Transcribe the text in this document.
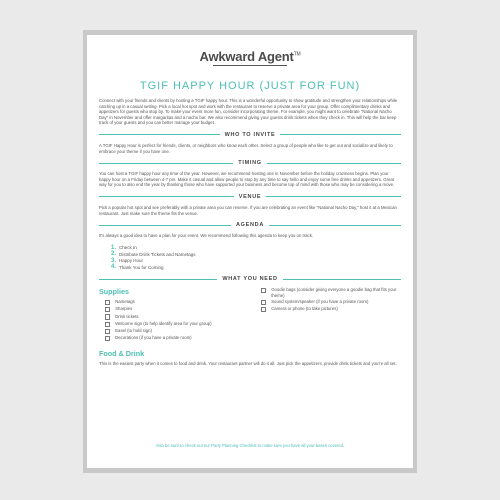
Awkward Agent™
TGIF HAPPY HOUR (JUST FOR FUN)

Connect with your friends and clients by hosting a TGIF happy hour. This is a wonderful opportunity to show gratitude and strengthen your relationships while catching up in a casual setting. Pick a local hot spot and work with the restaurant to reserve a private area for your group. Offer complimentary drinks and appetizers for guests who stop by. To make your event more fun, consider incorporating theme. For example, you might want to celebrate "National Nacho Day" in November and offer margaritas and a nacho bar. We also recommend giving your guests drink tickets when they check in. This will help the bar keep track of your guests and you can better manage your budget.

WHO TO INVITE

A TGIF Happy Hour is perfect for friends, clients, or neighbors who know each other. Select a group of people who like to get out and socialize and likely to embrace your theme if you have one.

TIMING

You can host a TGIF happy hour any time of the year. However, we recommend hosting one in November before the holiday craziness begins. Plan your happy hour on a Friday between 4-7 pm. Make it casual and allow people to stop by any time to say hello and enjoy some free drinks and appetizers. Great way for you to also end the year by thanking those who have supported your business and become top of mind with those who may be considering a move.

VENUE

Pick a popular hot spot and see preferably with a private area you can reserve. If you are celebrating an event like "National Nacho Day," host it at a Mexican restaurant. Just make sure the theme fits the venue.

AGENDA

It's always a good idea to have a plan for your event. We recommend following this agenda to keep you on track.

1. Check In
2. Distribute Drink Tickets and Nametags
3. Happy Hour
4. Thank You for Coming
WHAT YOU NEED
Supplies
Nametags
Sharpies
Drink tickets
Welcome sign (to help identify area for your group)
Easel (to hold sign)
Decorations (if you have a private room)
Goodie bags (consider giving everyone a goodie bag that fits your theme)
Sound system/speaker (if you have a private room)
Camera or phone (to take pictures)
Food & Drink

This is the easiest party when it comes to food and drink. Your restaurant partner will do it all. Just pick the appetizers, provide drink tickets and you're all set.

Also be sure to check out our Party Planning Checklist to make sure you have all your bases covered.
